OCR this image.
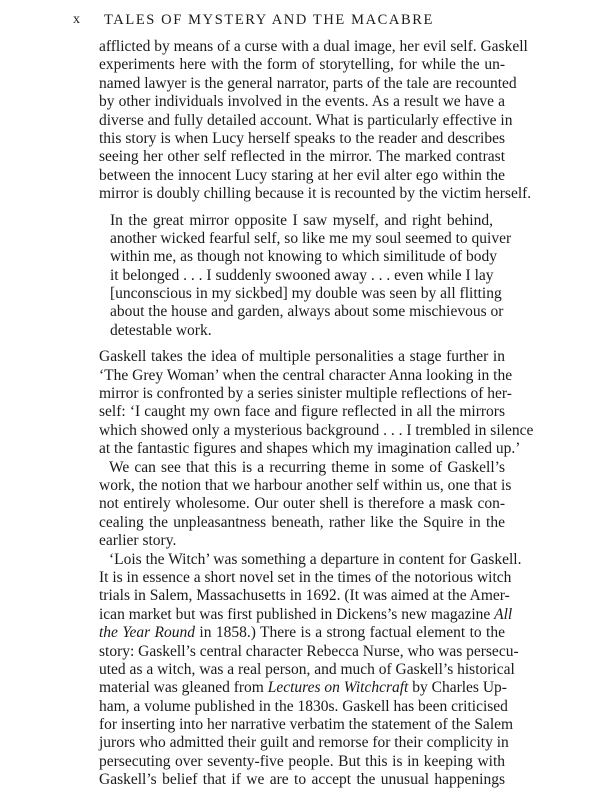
x TALES OF MYSTERY AND THE MACABRE
afflicted by means of a curse with a dual image, her evil self. Gaskell
experiments here with the form of storytelling, for while the un-
named lawyer is the general narrator, parts of the tale are recounted
by other individuals involved in the events. As a result we have a
diverse and fully detailed account. What is particularly effective in
this story is when Lucy herself speaks to the reader and describes
seeing her other self reflected in the mirror. The marked contrast
between the innocent Lucy staring at her evil alter ego within the
mirror is doubly chilling because it is recounted by the victim herself.
In the great mirror opposite I saw myself, and right behind,
another wicked fearful self, so like me my soul seemed to quiver
within me, as though not knowing to which similitude of body
it belonged . . . I suddenly swooned away . . . even while I lay
[unconscious in my sickbed] my double was seen by all flitting
about the house and garden, always about some mischievous or
detestable work.
Gaskell takes the idea of multiple personalities a stage further in
‘The Grey Woman’ when the central character Anna looking in the
mirror is confronted by a series sinister multiple reflections of her-
self: ‘I caught my own face and figure reflected in all the mirrors
which showed only a mysterious background . . . I trembled in silence
at the fantastic figures and shapes which my imagination called up.’
We can see that this is a recurring theme in some of Gaskell’s
work, the notion that we harbour another self within us, one that is
not entirely wholesome. Our outer shell is therefore a mask con-
cealing the unpleasantness beneath, rather like the Squire in the
earlier story.
‘Lois the Witch’ was something a departure in content for Gaskell.
It is in essence a short novel set in the times of the notorious witch
trials in Salem, Massachusetts in 1692. (It was aimed at the Amer-
ican market but was first published in Dickens’s new magazine All
the Year Round in 1858.) There is a strong factual element to the
story: Gaskell’s central character Rebecca Nurse, who was persecu-
uted as a witch, was a real person, and much of Gaskell’s historical
material was gleaned from Lectures on Witchcraft by Charles Up-
ham, a volume published in the 1830s. Gaskell has been criticised
for inserting into her narrative verbatim the statement of the Salem
jurors who admitted their guilt and remorse for their complicity in
persecuting over seventy-five people. But this is in keeping with
Gaskell’s belief that if we are to accept the unusual happenings
